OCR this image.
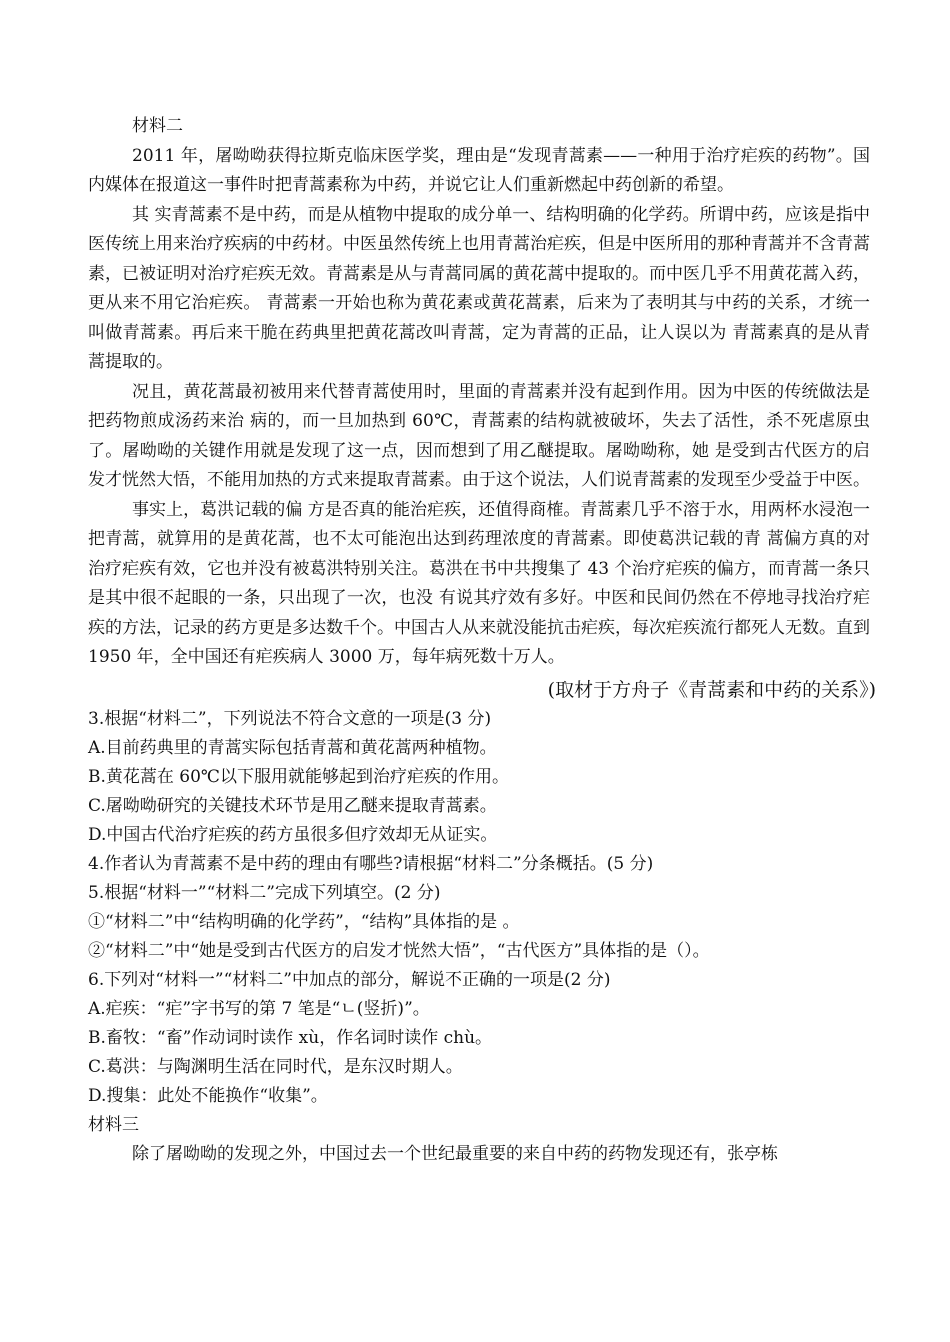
材料二

2011 年，屠呦呦获得拉斯克临床医学奖，理由是“发现青蒿素——一种用于治疗疟疾的药物”。国内媒体在报道这一事件时把青蒿素称为中药，并说它让人们重新燃起中药创新的希望。

其 实青蒿素不是中药，而是从植物中提取的成分单一、结构明确的化学药。所谓中药，应该是指中医传统上用来治疗疾病的中药材。中医虽然传统上也用青蒿治疟疾，但是中医所用的那种青蒿并不含青蒿素，已被证明对治疗疟疾无效。青蒿素是从与青蒿同属的黄花蒿中提取的。而中医几乎不用黄花蒿入药，更从来不用它治疟疾。 青蒿素一开始也称为黄花素或黄花蒿素，后来为了表明其与中药的关系，才统一叫做青蒿素。再后来干脆在药典里把黄花蒿改叫青蒿，定为青蒿的正品，让人误以为 青蒿素真的是从青蒿提取的。

况且，黄花蒿最初被用来代替青蒿使用时，里面的青蒿素并没有起到作用。因为中医的传统做法是把药物煎成汤药来治 病的，而一旦加热到 60℃，青蒿素的结构就被破坏，失去了活性，杀不死虐原虫了。屠呦呦的关键作用就是发现了这一点，因而想到了用乙醚提取。屠呦呦称，她 是受到古代医方的启发才恍然大悟，不能用加热的方式来提取青蒿素。由于这个说法，人们说青蒿素的发现至少受益于中医。

事实上，葛洪记载的偏 方是否真的能治疟疾，还值得商榷。青蒿素几乎不溶于水，用两杯水浸泡一把青蒿，就算用的是黄花蒿，也不太可能泡出达到药理浓度的青蒿素。即使葛洪记载的青 蒿偏方真的对治疗疟疾有效，它也并没有被葛洪特别关注。葛洪在书中共搜集了 43 个治疗疟疾的偏方，而青蒿一条只是其中很不起眼的一条，只出现了一次，也没 有说其疗效有多好。中医和民间仍然在不停地寻找治疗疟疾的方法，记录的药方更是多达数千个。中国古人从来就没能抗击疟疾，每次疟疾流行都死人无数。直到 1950 年，全中国还有疟疾病人 3000 万，每年病死数十万人。

(取材于方舟子《青蒿素和中药的关系》)

3.根据“材料二”，下列说法不符合文意的一项是(3 分)

A.目前药典里的青蒿实际包括青蒿和黄花蒿两种植物。

B.黄花蒿在 60℃以下服用就能够起到治疗疟疾的作用。

C.屠呦呦研究的关键技术环节是用乙醚来提取青蒿素。

D.中国古代治疗疟疾的药方虽很多但疗效却无从证实。

4.作者认为青蒿素不是中药的理由有哪些?请根据“材料二”分条概括。(5 分)

5.根据“材料一”“材料二”完成下列填空。(2 分)

①“材料二”中“结构明确的化学药”，“结构”具体指的是 。

②“材料二”中“她是受到古代医方的启发才恍然大悟”，“古代医方”具体指的是（）。

6.下列对“材料一”“材料二”中加点的部分，解说不正确的一项是(2 分)

A.疟疾：“疟”字书写的第 7 笔是“ㄴ(竖折)”。

B.畜牧：“畜”作动词时读作 xù，作名词时读作 chù。

C.葛洪：与陶渊明生活在同时代，是东汉时期人。

D.搜集：此处不能换作“收集”。

材料三

除了屠呦呦的发现之外，中国过去一个世纪最重要的来自中药的药物发现还有，张亭栋
